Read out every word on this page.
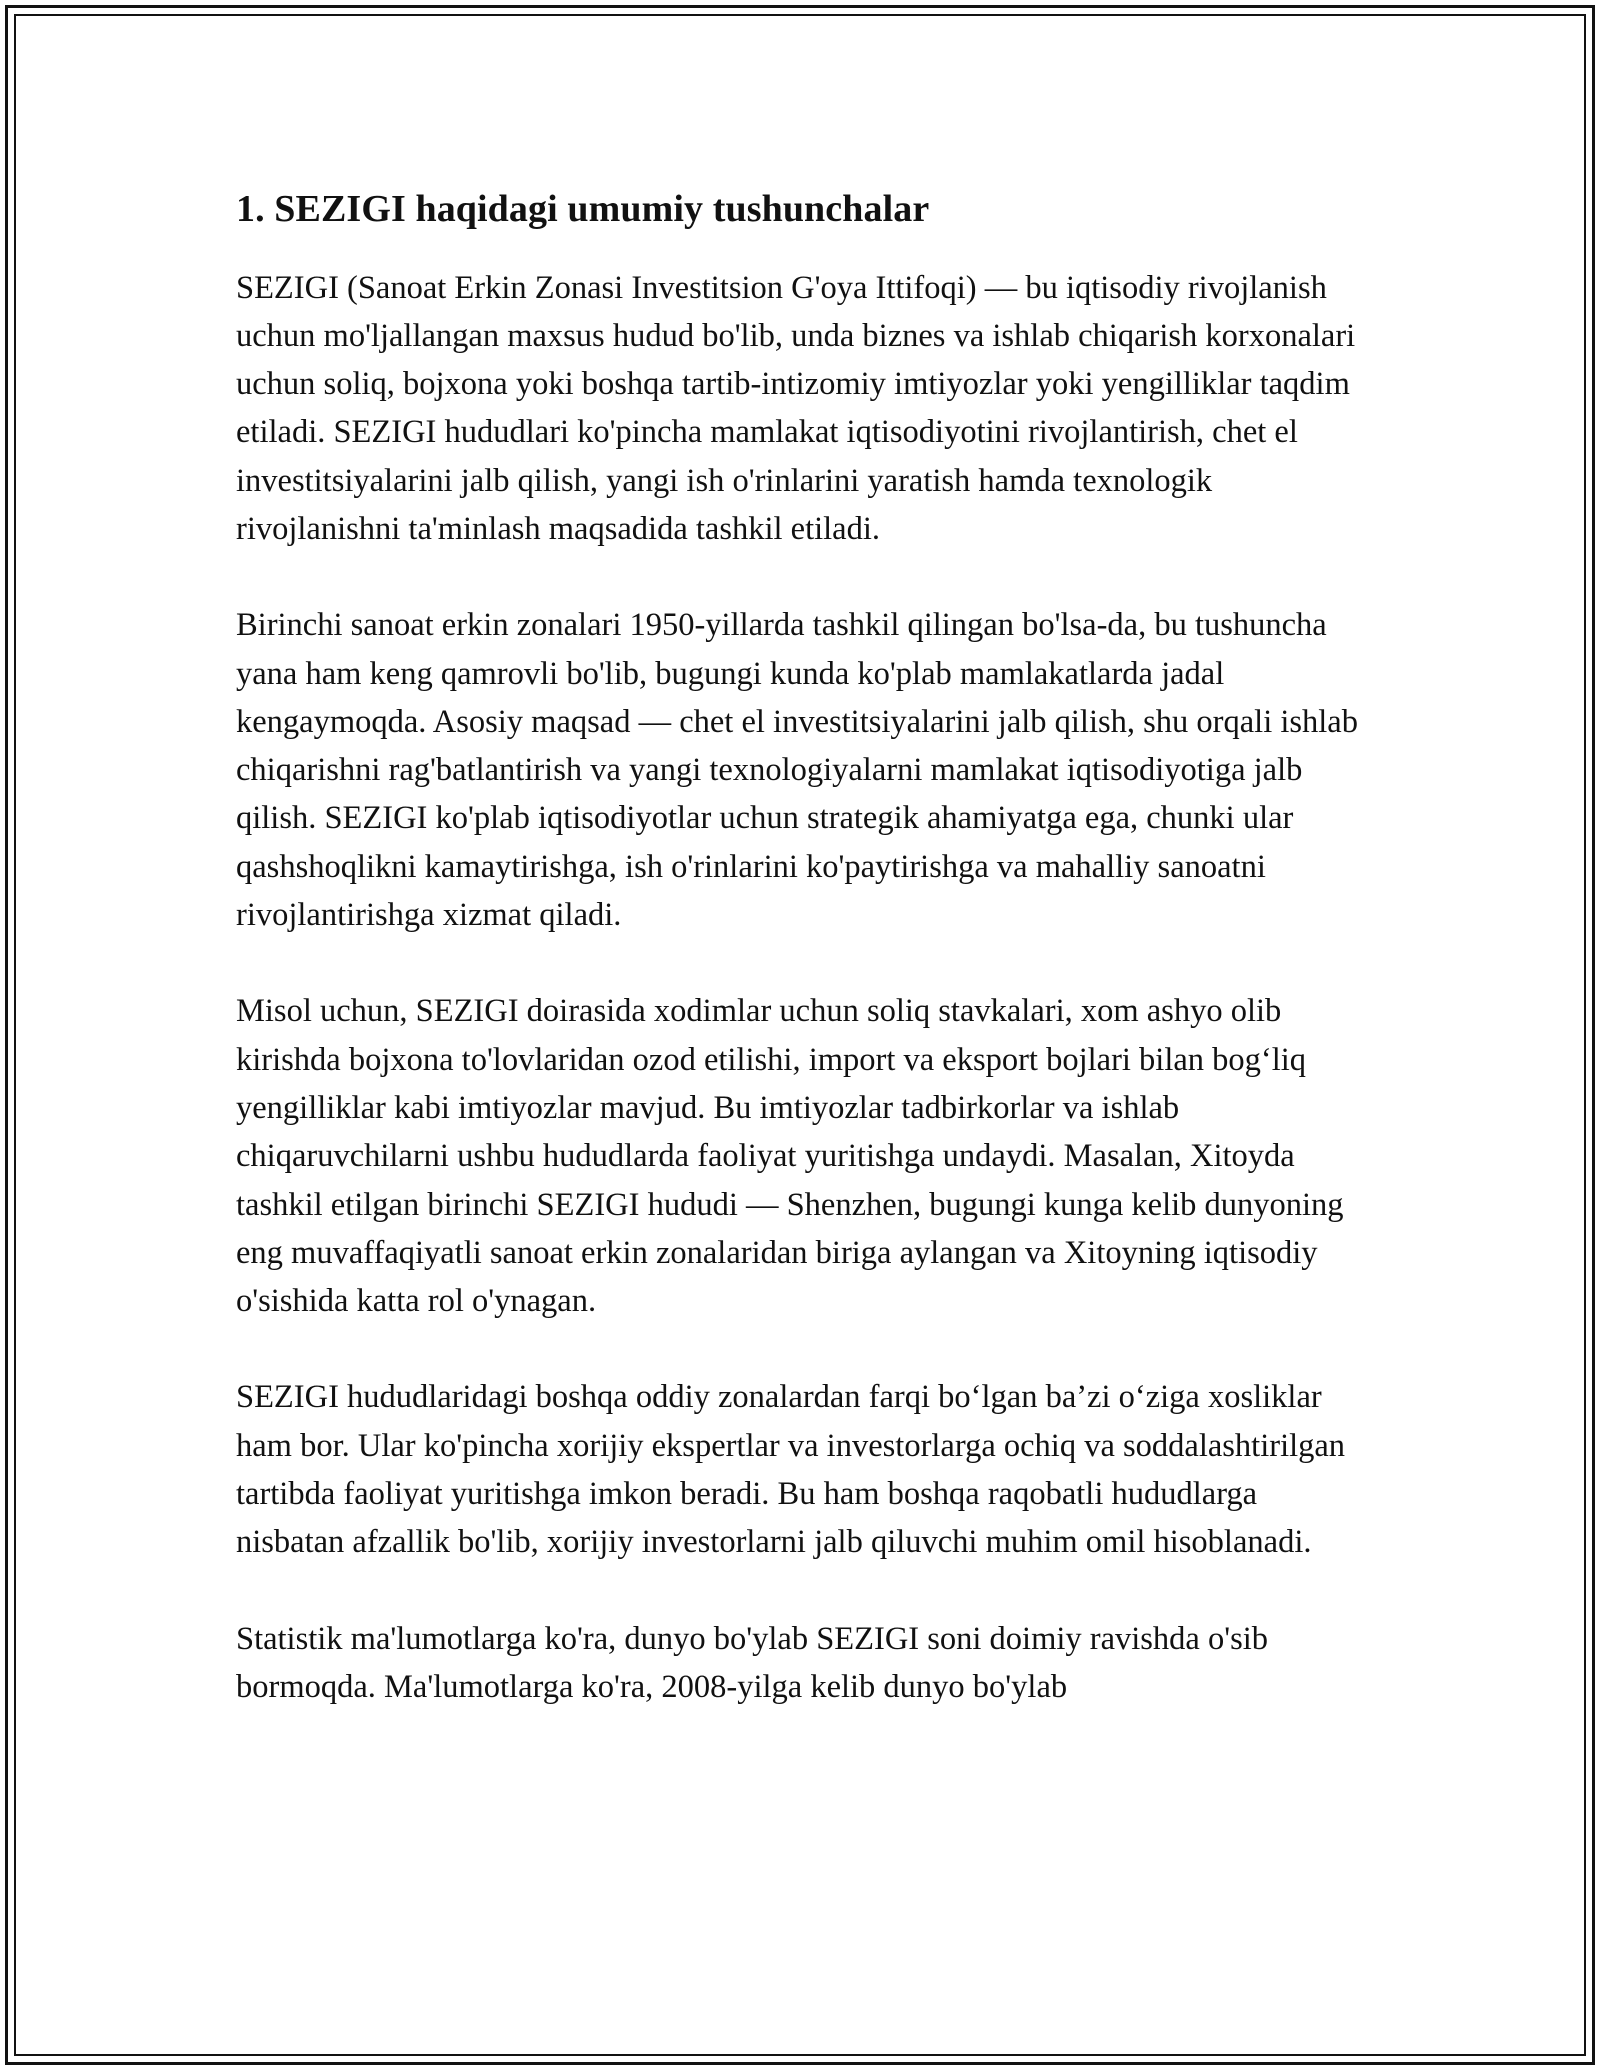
1. SEZIGI haqidagi umumiy tushunchalar

SEZIGI (Sanoat Erkin Zonasi Investitsion G'oya Ittifoqi) — bu iqtisodiy rivojlanish uchun mo'ljallangan maxsus hudud bo'lib, unda biznes va ishlab chiqarish korxonalari uchun soliq, bojxona yoki boshqa tartib-intizomiy imtiyozlar yoki yengilliklar taqdim etiladi. SEZIGI hududlari ko'pincha mamlakat iqtisodiyotini rivojlantirish, chet el investitsiyalarini jalb qilish, yangi ish o'rinlarini yaratish hamda texnologik rivojlanishni ta'minlash maqsadida tashkil etiladi.

Birinchi sanoat erkin zonalari 1950-yillarda tashkil qilingan bo'lsa-da, bu tushuncha yana ham keng qamrovli bo'lib, bugungi kunda ko'plab mamlakatlarda jadal kengaymoqda. Asosiy maqsad — chet el investitsiyalarini jalb qilish, shu orqali ishlab chiqarishni rag'batlantirish va yangi texnologiyalarni mamlakat iqtisodiyotiga jalb qilish. SEZIGI ko'plab iqtisodiyotlar uchun strategik ahamiyatga ega, chunki ular qashshoqlikni kamaytirishga, ish o'rinlarini ko'paytirishga va mahalliy sanoatni rivojlantirishga xizmat qiladi.

Misol uchun, SEZIGI doirasida xodimlar uchun soliq stavkalari, xom ashyo olib kirishda bojxona to'lovlaridan ozod etilishi, import va eksport bojlari bilan bog‘liq yengilliklar kabi imtiyozlar mavjud. Bu imtiyozlar tadbirkorlar va ishlab chiqaruvchilarni ushbu hududlarda faoliyat yuritishga undaydi. Masalan, Xitoyda tashkil etilgan birinchi SEZIGI hududi — Shenzhen, bugungi kunga kelib dunyoning eng muvaffaqiyatli sanoat erkin zonalaridan biriga aylangan va Xitoyning iqtisodiy o'sishida katta rol o'ynagan.

SEZIGI hududlaridagi boshqa oddiy zonalardan farqi bo‘lgan ba’zi o‘ziga xosliklar ham bor. Ular ko'pincha xorijiy ekspertlar va investorlarga ochiq va soddalashtirilgan tartibda faoliyat yuritishga imkon beradi. Bu ham boshqa raqobatli hududlarga nisbatan afzallik bo'lib, xorijiy investorlarni jalb qiluvchi muhim omil hisoblanadi.

Statistik ma'lumotlarga ko'ra, dunyo bo'ylab SEZIGI soni doimiy ravishda o'sib bormoqda. Ma'lumotlarga ko'ra, 2008-yilga kelib dunyo bo'ylab
